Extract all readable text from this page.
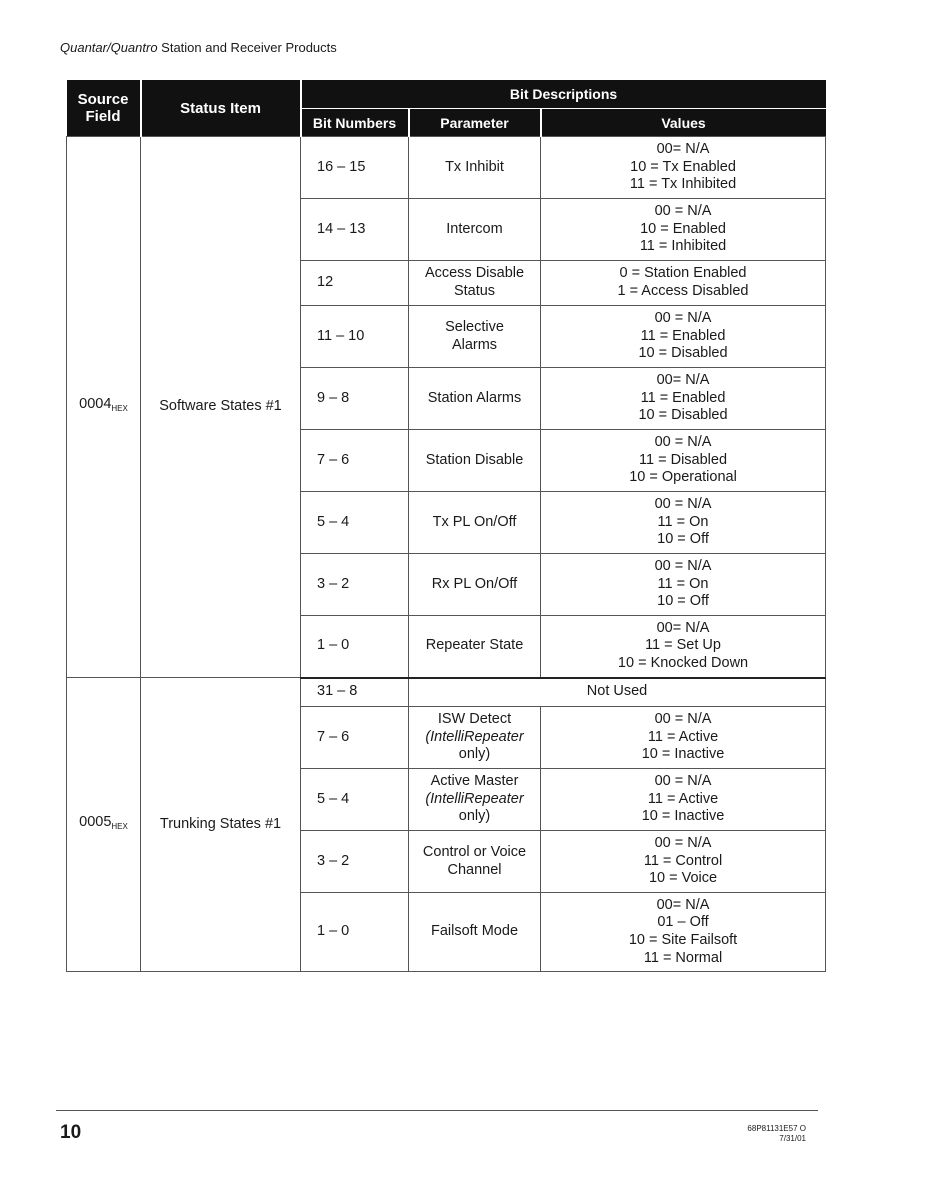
Quantar/Quantro Station and Receiver Products
Source Field	Status Item	Bit Descriptions		
		Bit Numbers	Parameter	Values
$0004_{HEX}$	Software States #1	16 – 15	Tx Inhibit	00= N/A
10 = Tx Enabled
11 = Tx Inhibited

		14 – 13	Intercom	00 = N/A
10 = Enabled
11 = Inhibited

		12	Access Disable Status	0 = Station Enabled
1 = Access Disabled

		11 – 10	Selective Alarms	00 = N/A
11 = Enabled
10 = Disabled

		9 – 8	Station Alarms	00= N/A
11 = Enabled
10 = Disabled

		7 – 6	Station Disable	00 = N/A
11 = Disabled
10 = Operational

		5 – 4	Tx PL On/Off	00 = N/A
11 = On
10 = Off

		3 – 2	Rx PL On/Off	00 = N/A
11 = On
10 = Off

		1 – 0	Repeater State	00= N/A
11 = Set Up
10 = Knocked Down

$0005_{HEX}$	Trunking States #1	31 – 8	Not Used	
		7 – 6	ISW Detect
(IntelliRepeater
only)	00 = N/A
11 = Active
10 = Inactive

		5 – 4	Active Master
(IntelliRepeater
only)	00 = N/A
11 = Active
10 = Inactive

		3 – 2	Control or Voice
Channel	00 = N/A
11 = Control
10 = Voice

		1 – 0	Failsoft Mode	00= N/A
01 – Off
10 = Site Failsoft
11 = Normal
10	68P81131E57 O
7/31/01
